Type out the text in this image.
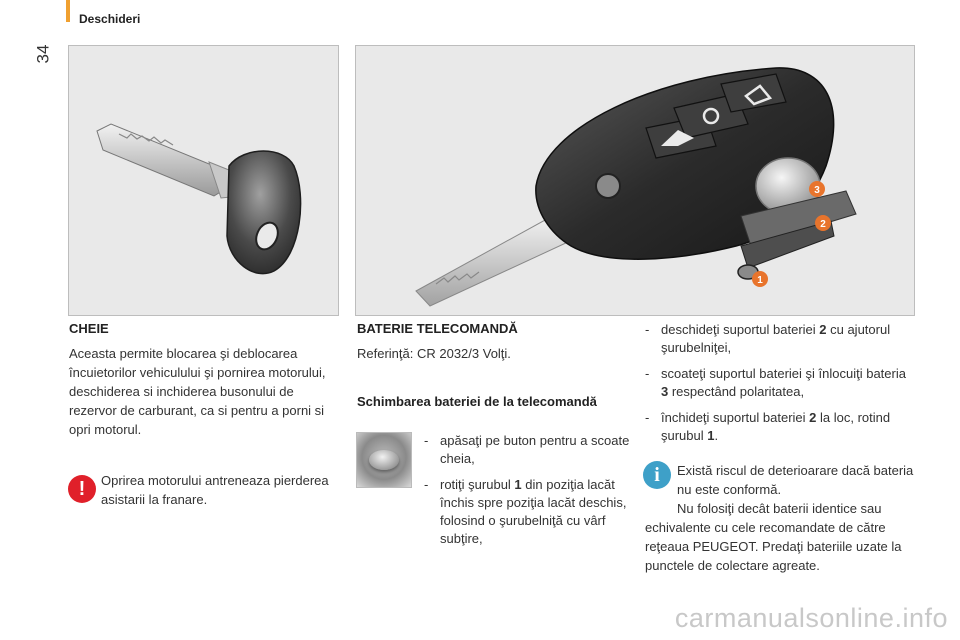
34
Deschideri
3
2
1
CHEIE

Aceasta permite blocarea şi deblocarea încuietorilor vehiculului şi pornirea motorului, deschiderea si inchiderea busonului de rezervor de carburant, ca si pentru a porni si opri motorul.

!	Oprirea motorului antreneaza pierderea asistarii la franare.

BATERIE TELECOMANDĂ

Referinţă: CR 2032/3 Volţi.

Schimbarea bateriei de la telecomandă
- apăsaţi pe buton pentru a scoate cheia,
- rotiţi şurubul 1 din poziţia lacăt închis spre poziţia lacăt deschis, folosind o şurubelniţă cu vârf subţire,
- deschideţi suportul bateriei 2 cu ajutorul şurubelniţei,
- scoateţi suportul bateriei şi înlocuiţi bateria 3 respectând polaritatea,
- închideţi suportul bateriei 2 la loc, rotind şurubul 1.
i	Există riscul de deterioarare dacă bateria nu este conformă.

Nu folosiţi decât baterii identice sau echivalente cu cele recomandate de către reţeaua PEUGEOT. Predaţi bateriile uzate la punctele de colectare agreate.

carmanualsonline.info
